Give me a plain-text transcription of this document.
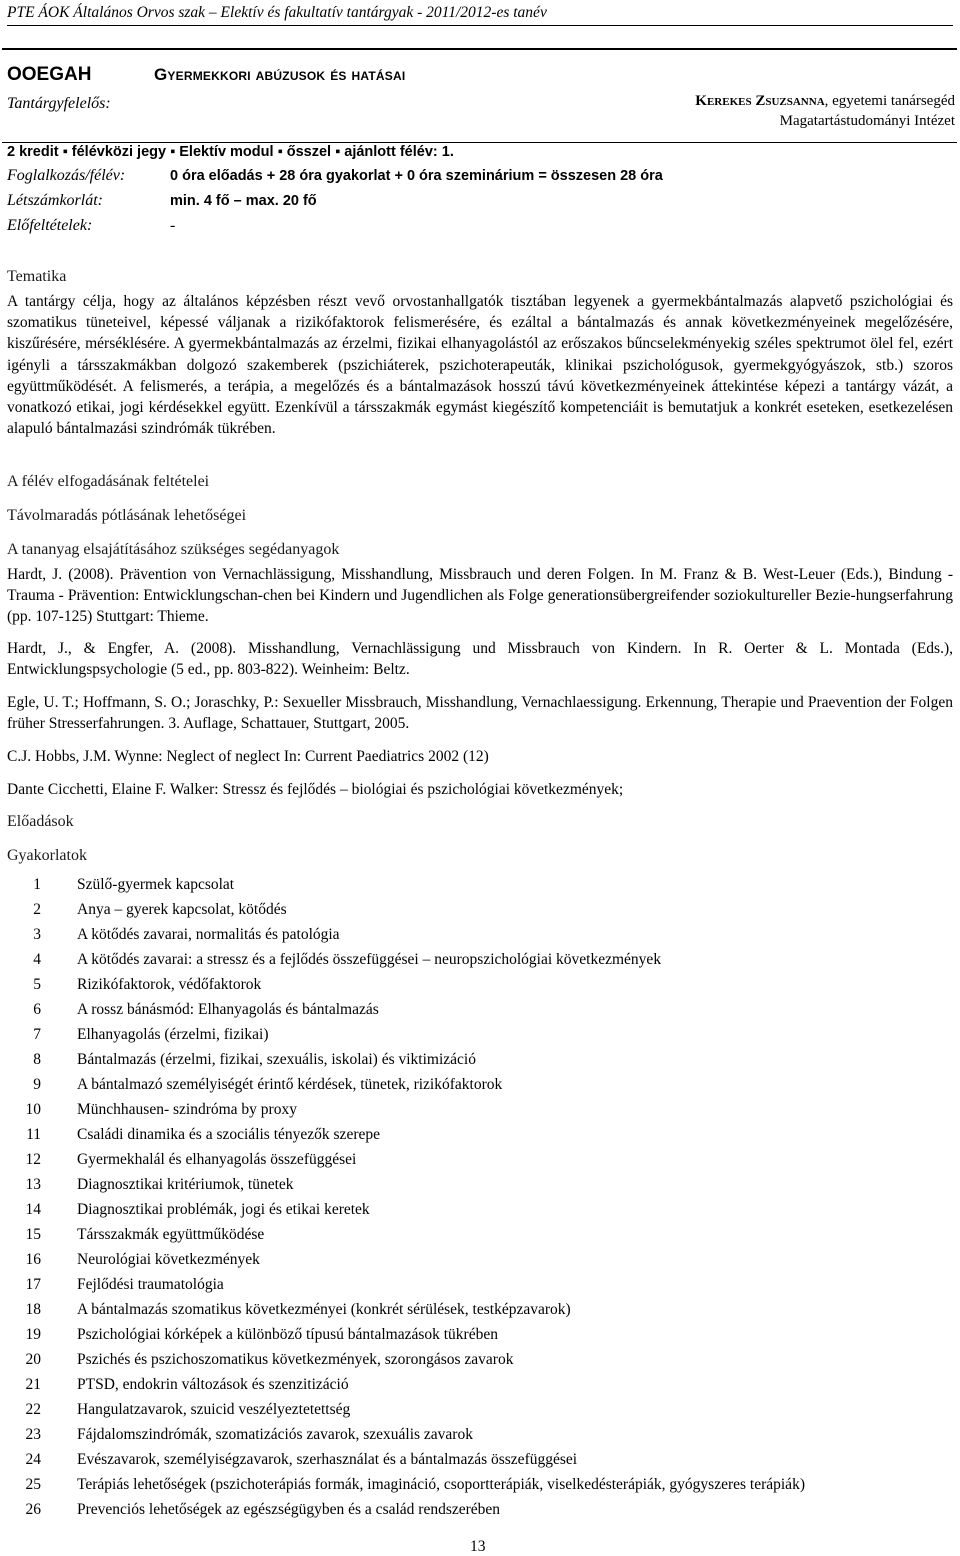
PTE ÁOK Általános Orvos szak – Elektív és fakultatív tantárgyak - 2011/2012-es tanév
OOEGAH	Gyermekkori abúzusok és hatásai
Tantárgyfelelős:	Kerekes Zsuzsanna, egyetemi tanársegéd
Magatartástudományi Intézet
2 kredit ▪ félévközi jegy ▪ Elektív modul ▪ ősszel ▪ ajánlott félév: 1.
Foglalkozás/félév:	0 óra előadás + 28 óra gyakorlat + 0 óra szeminárium = összesen 28 óra
Létszámkorlát:	min. 4 fő – max. 20 fő
Előfeltételek:	-
Tematika

A tantárgy célja, hogy az általános képzésben részt vevő orvostanhallgatók tisztában legyenek a gyermekbántalmazás alapvető pszichológiai és szomatikus tüneteivel, képessé váljanak a rizikófaktorok felismerésére, és ezáltal a bántalmazás és annak következményeinek megelőzésére, kiszűrésére, mérséklésére. A gyermekbántalmazás az érzelmi, fizikai elhanyagolástól az erőszakos bűncselekményekig széles spektrumot ölel fel, ezért igényli a társszakmákban dolgozó szakemberek (pszichiáterek, pszichoterapeuták, klinikai pszichológusok, gyermekgyógyászok, stb.) szoros együttműködését. A felismerés, a terápia, a megelőzés és a bántalmazások hosszú távú következményeinek áttekintése képezi a tantárgy vázát, a vonatkozó etikai, jogi kérdésekkel együtt. Ezenkívül a társszakmák egymást kiegészítő kompetenciáit is bemutatjuk a konkrét eseteken, esetkezelésen alapuló bántalmazási szindrómák tükrében.

A félév elfogadásának feltételei
Távolmaradás pótlásának lehetőségei
A tananyag elsajátításához szükséges segédanyagok

Hardt, J. (2008). Prävention von Vernachlässigung, Misshandlung, Missbrauch und deren Folgen. In M. Franz & B. West-Leuer (Eds.), Bindung - Trauma - Prävention: Entwicklungschan-chen bei Kindern und Jugendlichen als Folge generationsübergreifender soziokultureller Bezie-hungserfahrung (pp. 107-125) Stuttgart: Thieme.

Hardt, J., & Engfer, A. (2008). Misshandlung, Vernachlässigung und Missbrauch von Kindern. In R. Oerter & L. Montada (Eds.), Entwicklungspsychologie (5 ed., pp. 803-822). Weinheim: Beltz.

Egle, U. T.; Hoffmann, S. O.; Joraschky, P.: Sexueller Missbrauch, Misshandlung, Vernachlaessigung. Erkennung, Therapie und Praevention der Folgen früher Stresserfahrungen. 3. Auflage, Schattauer, Stuttgart, 2005.

C.J. Hobbs, J.M. Wynne: Neglect of neglect In: Current Paediatrics 2002 (12)

Dante Cicchetti, Elaine F. Walker: Stressz és fejlődés – biológiai és pszichológiai következmények;

Előadások
Gyakorlatok
1 Szülő-gyermek kapcsolat
2 Anya – gyerek kapcsolat, kötődés
3 A kötődés zavarai, normalitás és patológia
4 A kötődés zavarai: a stressz és a fejlődés összefüggései – neuropszichológiai következmények
5 Rizikófaktorok, védőfaktorok
6 A rossz bánásmód: Elhanyagolás és bántalmazás
7 Elhanyagolás (érzelmi, fizikai)
8 Bántalmazás (érzelmi, fizikai, szexuális, iskolai) és viktimizáció
9 A bántalmazó személyiségét érintő kérdések, tünetek, rizikófaktorok
10 Münchhausen- szindróma by proxy
11 Családi dinamika és a szociális tényezők szerepe
12 Gyermekhalál és elhanyagolás összefüggései
13 Diagnosztikai kritériumok, tünetek
14 Diagnosztikai problémák, jogi és etikai keretek
15 Társszakmák együttműködése
16 Neurológiai következmények
17 Fejlődési traumatológia
18 A bántalmazás szomatikus következményei (konkrét sérülések, testképzavarok)
19 Pszichológiai kórképek a különböző típusú bántalmazások tükrében
20 Pszichés és pszichoszomatikus következmények, szorongásos zavarok
21 PTSD, endokrin változások és szenzitizáció
22 Hangulatzavarok, szuicid veszélyeztetettség
23 Fájdalomszindrómák, szomatizációs zavarok, szexuális zavarok
24 Evészavarok, személyiségzavarok, szerhasználat és a bántalmazás összefüggései
25 Terápiás lehetőségek (pszichoterápiás formák, imagináció, csoportterápiák, viselkedésterápiák, gyógyszeres terápiák)
26 Prevenciós lehetőségek az egészségügyben és a család rendszerében
13
